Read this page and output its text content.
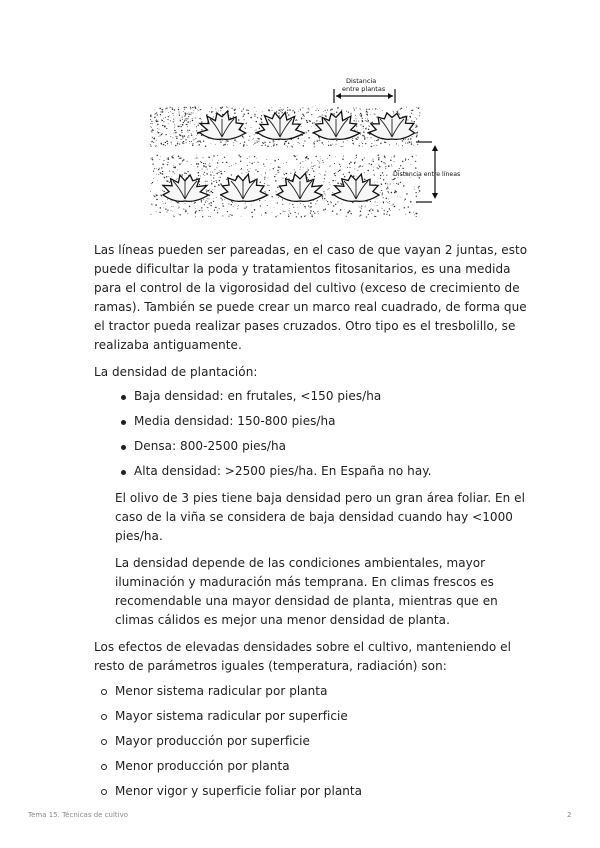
Distancia
entre plantas
Distancia entre líneas

Las líneas pueden ser pareadas, en el caso de que vayan 2 juntas, esto puede dificultar la poda y tratamientos fitosanitarios, es una medida para el control de la vigorosidad del cultivo (exceso de crecimiento de ramas). También se puede crear un marco real cuadrado, de forma que el tractor pueda realizar pases cruzados. Otro tipo es el tresbolillo, se realizaba antiguamente.

La densidad de plantación:

Baja densidad: en frutales, <150 pies/ha
Media densidad: 150-800 pies/ha
Densa: 800-2500 pies/ha
Alta densidad: >2500 pies/ha. En España no hay.

El olivo de 3 pies tiene baja densidad pero un gran área foliar. En el caso de la viña se considera de baja densidad cuando hay <1000 pies/ha.

La densidad depende de las condiciones ambientales, mayor iluminación y maduración más temprana. En climas frescos es recomendable una mayor densidad de planta, mientras que en climas cálidos es mejor una menor densidad de planta.

Los efectos de elevadas densidades sobre el cultivo, manteniendo el resto de parámetros iguales (temperatura, radiación) son:

Menor sistema radicular por planta
Mayor sistema radicular por superficie
Mayor producción por superficie
Menor producción por planta
Menor vigor y superficie foliar por planta
Tema 15. Técnicas de cultivo	2
